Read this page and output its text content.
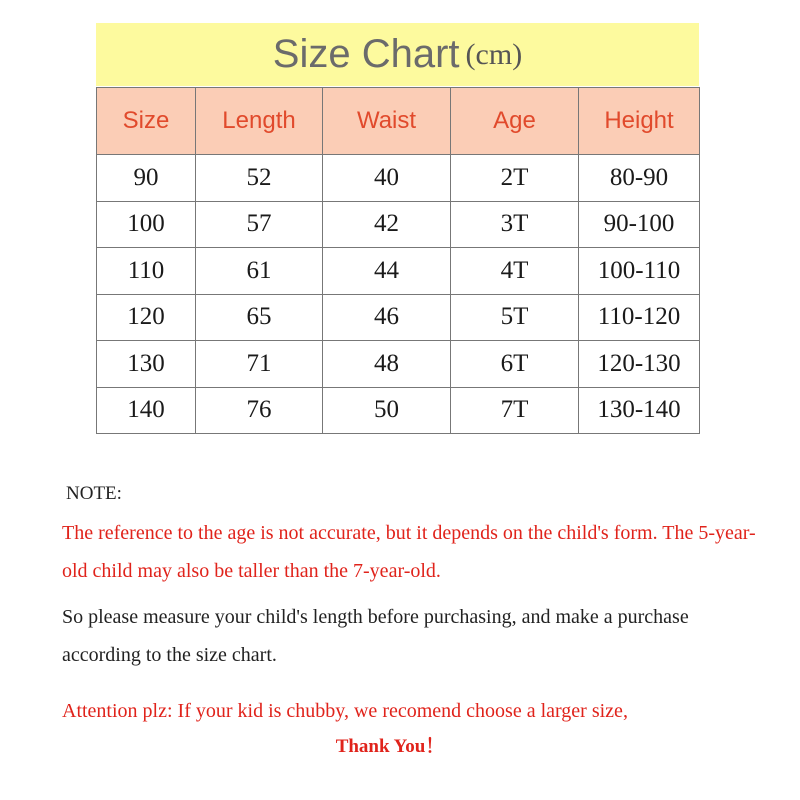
Size Chart (cm)
Size	Length	Waist	Age	Height
90	52	40	2T	80-90
100	57	42	3T	90-100
110	61	44	4T	100-110
120	65	46	5T	110-120
130	71	48	6T	120-130
140	76	50	7T	130-140
NOTE:
The reference to the age is not accurate, but it depends on the child's form. The 5-year-old child may also be taller than the 7-year-old.
So please measure your child's length before purchasing, and make a purchase according to the size chart.
Attention plz: If your kid is chubby, we recomend choose a larger size,
Thank You！
